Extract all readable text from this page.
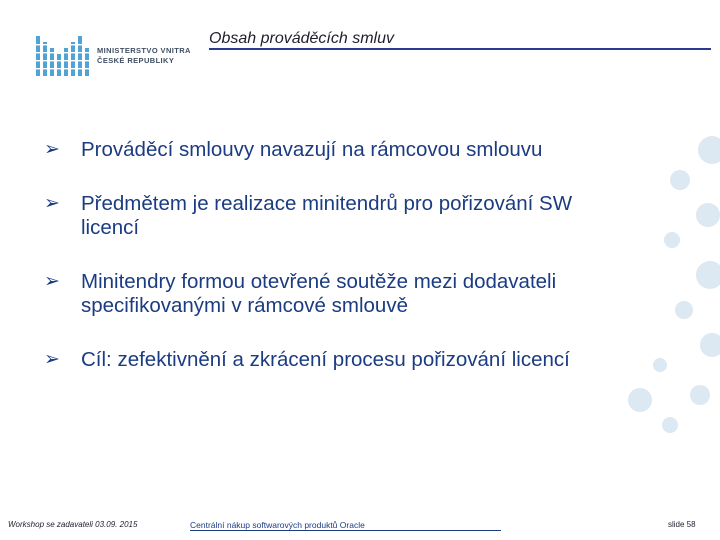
MINISTERSTVO VNITRA
ČESKÉ REPUBLIKY
Obsah prováděcích smluv
➢ Prováděcí smlouvy navazují na rámcovou smlouvu
➢ Předmětem je realizace minitendrů pro pořizování SW
licencí
➢ Minitendry formou otevřené soutěže mezi dodavateli
specifikovanými v rámcové smlouvě
➢ Cíl: zefektivnění a zkrácení procesu pořizování licencí
Workshop se zadavateli 03.09. 2015	Centrální nákup softwarových produktů Oracle	slide 58
